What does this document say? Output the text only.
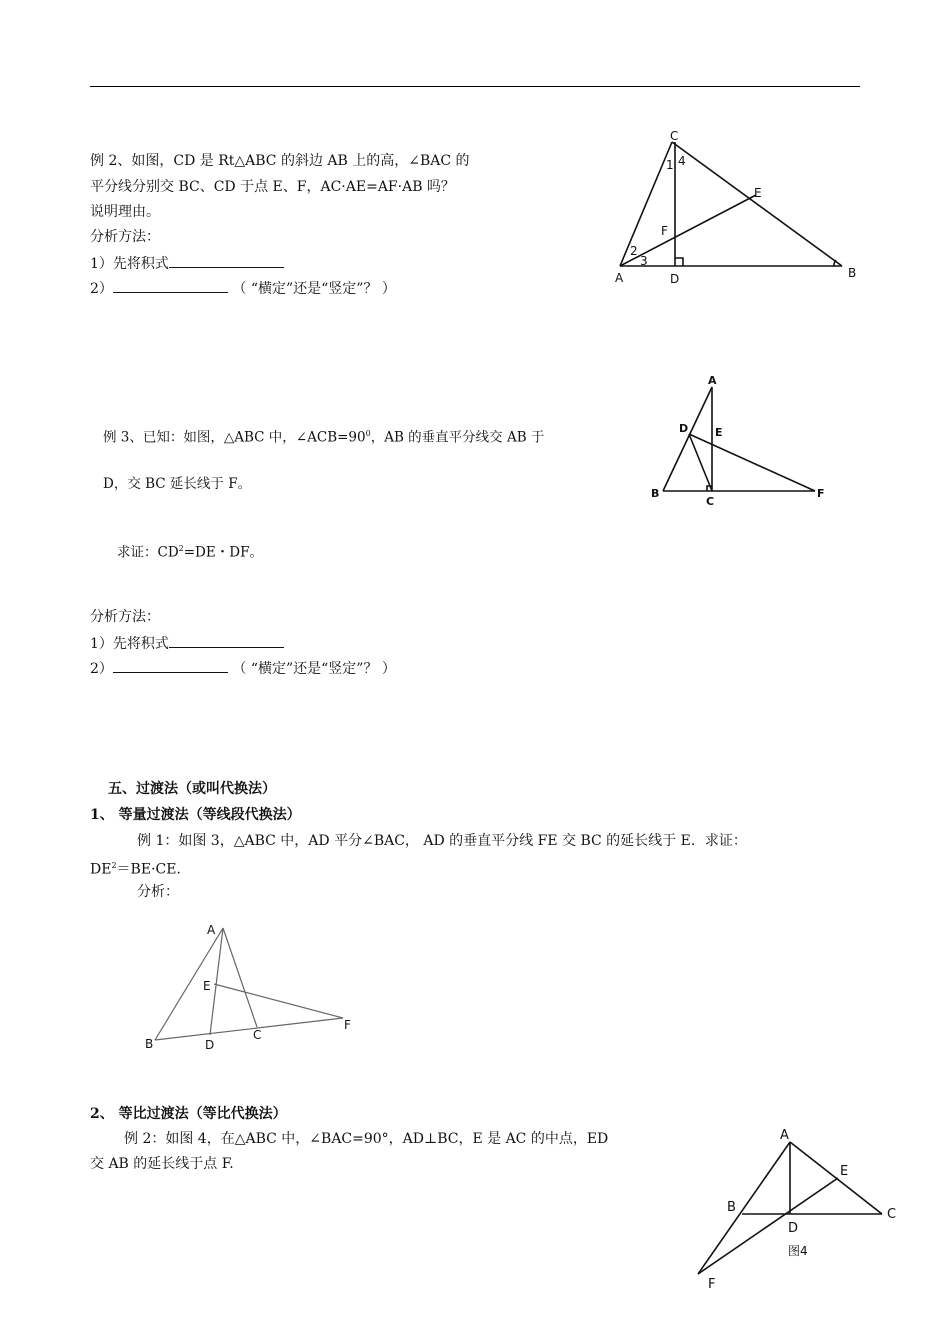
例 2、如图，CD 是 Rt△ABC 的斜边 AB 上的高，∠BAC 的
平分线分别交 BC、CD 于点 E、F，AC·AE=AF·AB 吗？
说明理由。
分析方法：
1）先将积式
2）	（ “横定”还是“竖定”？ ）
C
E
F
A	D	B
1 4
2
3
例 3、已知：如图，△ABC 中，$\angle ACB=90^0$，AB 的垂直平分线交 AB 于
D，交 BC 延长线于 F。
求证：$CD^2=DE$・DF。
分析方法：
1）先将积式
2）	（ “横定”还是“竖定”？ ）
A
D E
B
C
F
五、过渡法（或叫代换法）
1、 等量过渡法（等线段代换法）
例 1：如图 3，△ABC 中，AD 平分∠BAC， AD 的垂直平分线 FE 交 BC 的延长线于 E．求证：
$DE^2=BE\cdot CE$.
分析：
A
E
F
B	D
C
2、 等比过渡法（等比代换法）
例 2：如图 4，在△ABC 中，∠BAC=90°，AD⊥BC，E 是 AC 的中点，ED
交 AB 的延长线于点 F.
A
E
B
D
C
F
图4
